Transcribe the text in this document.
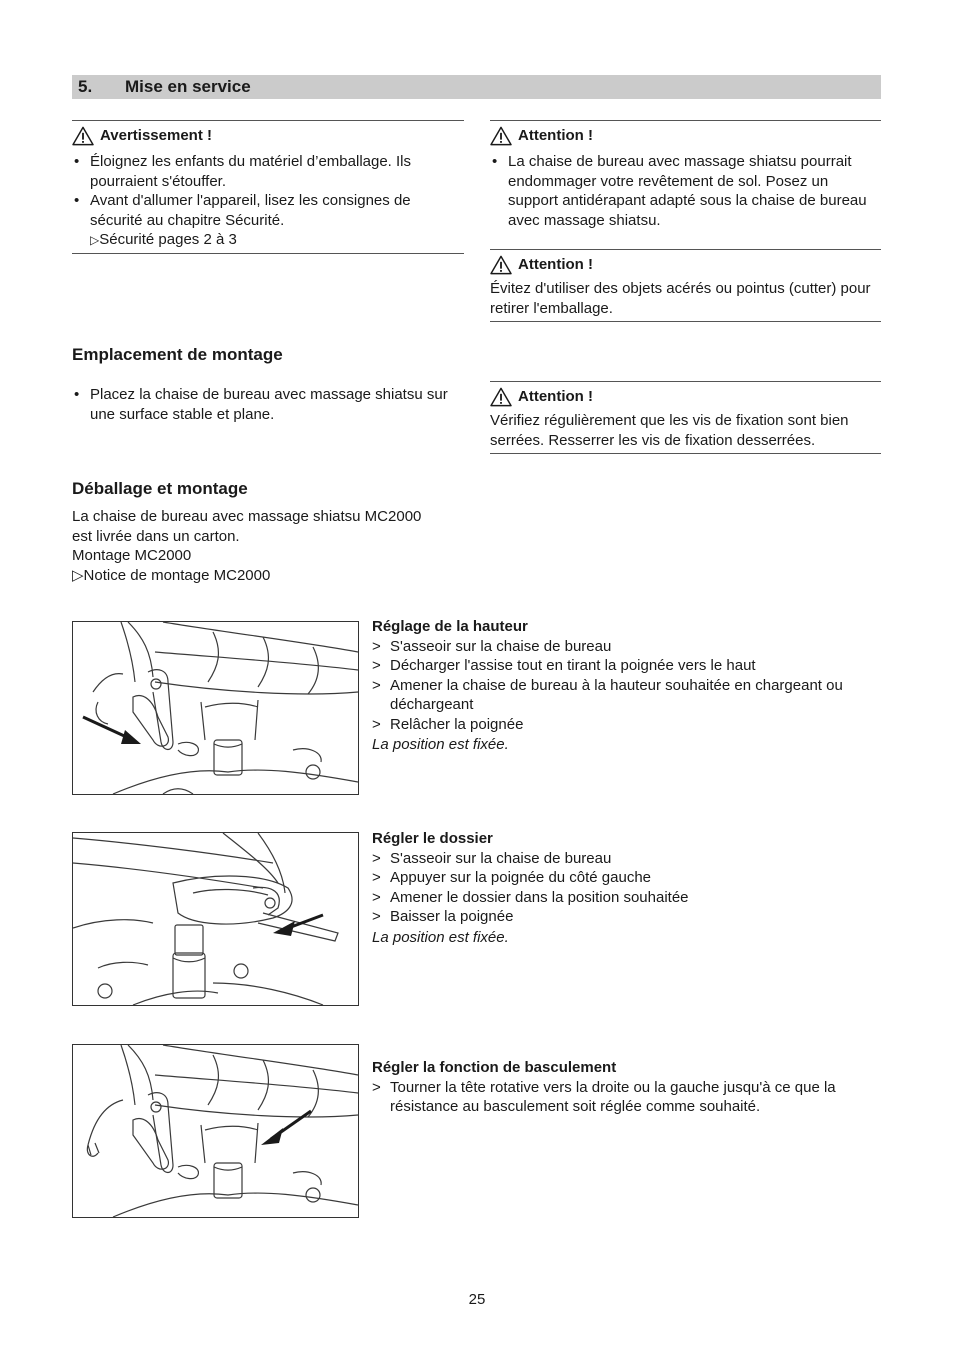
5. Mise en service
Avertissement !
• Éloignez les enfants du matériel d’emballage. Ils pourraient s'étouffer.
• Avant d'allumer l'appareil, lisez les consignes de sécurité au chapitre Sécurité.
▷Sécurité pages 2 à 3
Attention !
• La chaise de bureau avec massage shiatsu pourrait endommager votre revêtement de sol. Posez un support antidérapant adapté sous la chaise de bureau avec massage shiatsu.
Attention !

Évitez d'utiliser des objets acérés ou pointus (cutter) pour retirer l'emballage.

Attention !

Vérifiez régulièrement que les vis de fixation sont bien serrées. Resserrer les vis de fixation desserrées.

Emplacement de montage
• Placez la chaise de bureau avec massage shiatsu sur une surface stable et plane.
Déballage et montage

La chaise de bureau avec massage shiatsu MC2000

est livrée dans un carton.

Montage MC2000

▷Notice de montage MC2000

Réglage de la hauteur
> S'asseoir sur la chaise de bureau
> Décharger l'assise tout en tirant la poignée vers le haut
> Amener la chaise de bureau à la hauteur souhaitée en chargeant ou déchargeant
> Relâcher la poignée
La position est fixée.
Régler le dossier
> S'asseoir sur la chaise de bureau
> Appuyer sur la poignée du côté gauche
> Amener le dossier dans la position souhaitée
> Baisser la poignée
La position est fixée.
Régler la fonction de basculement
> Tourner la tête rotative vers la droite ou la gauche jusqu'à ce que la résistance au basculement soit réglée comme souhaité.
25
